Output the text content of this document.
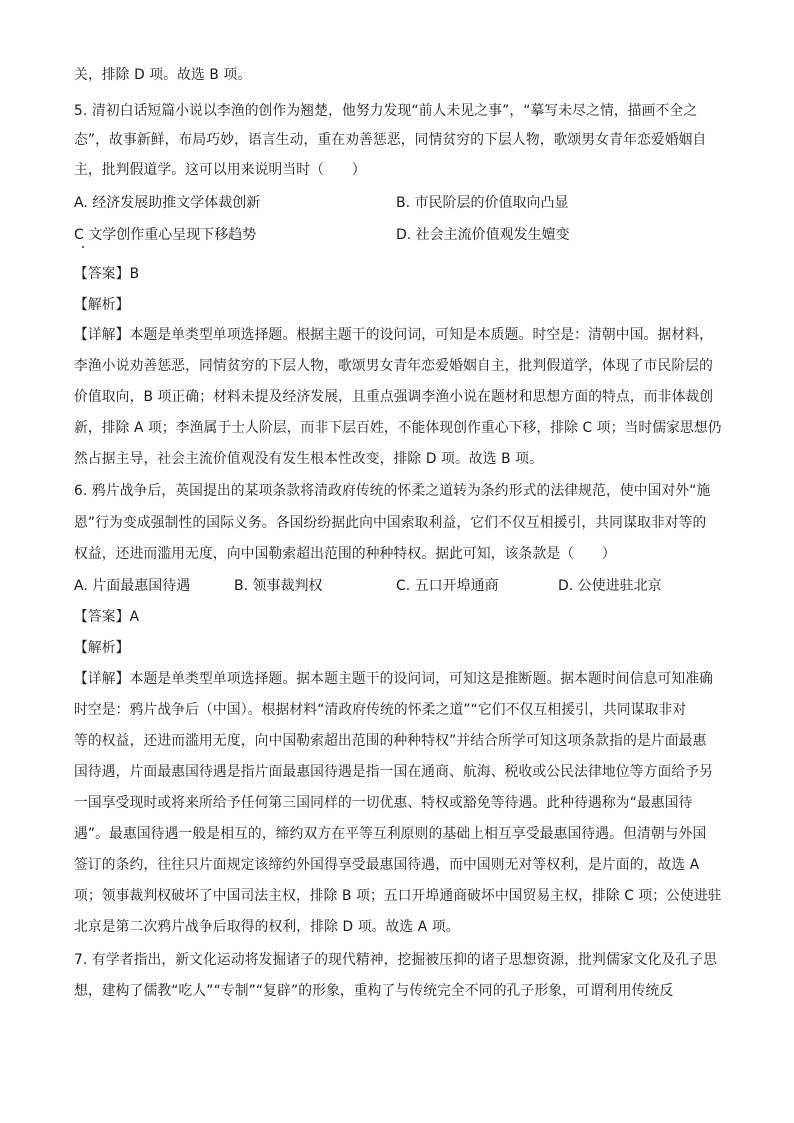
关，排除 D 项。故选 B 项。
5. 清初白话短篇小说以李渔的创作为翘楚，他努力发现“前人未见之事”，“摹写未尽之情，描画不全之
态”，故事新鲜，布局巧妙，语言生动，重在劝善惩恶，同情贫穷的下层人物，歌颂男女青年恋爱婚姻自
主，批判假道学。这可以用来说明当时（　　）
A. 经济发展助推文学体裁创新	B. 市民阶层的价值取向凸显
C 文学创作重心呈现下移趋势	D. 社会主流价值观发生嬗变
【答案】B
【解析】
【详解】本题是单类型单项选择题。根据主题干的设问词，可知是本质题。时空是：清朝中国。据材料，
李渔小说劝善惩恶，同情贫穷的下层人物，歌颂男女青年恋爱婚姻自主，批判假道学，体现了市民阶层的
价值取向，B 项正确；材料未提及经济发展，且重点强调李渔小说在题材和思想方面的特点，而非体裁创
新，排除 A 项；李渔属于士人阶层，而非下层百姓，不能体现创作重心下移，排除 C 项；当时儒家思想仍
然占据主导，社会主流价值观没有发生根本性改变，排除 D 项。故选 B 项。
6. 鸦片战争后，英国提出的某项条款将清政府传统的怀柔之道转为条约形式的法律规范，使中国对外“施
恩”行为变成强制性的国际义务。各国纷纷据此向中国索取利益，它们不仅互相援引，共同谋取非对等的
权益，还进而滥用无度，向中国勒索超出范围的种种特权。据此可知，该条款是（　　）
A. 片面最惠国待遇	B. 领事裁判权	C. 五口开埠通商	D. 公使进驻北京
【答案】A
【解析】
【详解】本题是单类型单项选择题。据本题主题干的设问词，可知这是推断题。据本题时间信息可知准确
时空是：鸦片战争后（中国）。根据材料“清政府传统的怀柔之道”“它们不仅互相援引，共同谋取非对
等的权益，还进而滥用无度，向中国勒索超出范围的种种特权”并结合所学可知这项条款指的是片面最惠
国待遇，片面最惠国待遇是指片面最惠国待遇是指一国在通商、航海、税收或公民法律地位等方面给予另
一国享受现时或将来所给予任何第三国同样的一切优惠、特权或豁免等待遇。此种待遇称为“最惠国待
遇”。最惠国待遇一般是相互的，缔约双方在平等互利原则的基础上相互享受最惠国待遇。但清朝与外国
签订的条约，往往只片面规定该缔约外国得享受最惠国待遇，而中国则无对等权利，是片面的，故选 A
项；领事裁判权破坏了中国司法主权，排除 B 项；五口开埠通商破坏中国贸易主权，排除 C 项；公使进驻
北京是第二次鸦片战争后取得的权利，排除 D 项。故选 A 项。
7. 有学者指出，新文化运动将发掘诸子的现代精神，挖掘被压抑的诸子思想资源，批判儒家文化及孔子思
想，建构了儒教“吃人”“专制”“复辟”的形象，重构了与传统完全不同的孔子形象，可谓利用传统反
